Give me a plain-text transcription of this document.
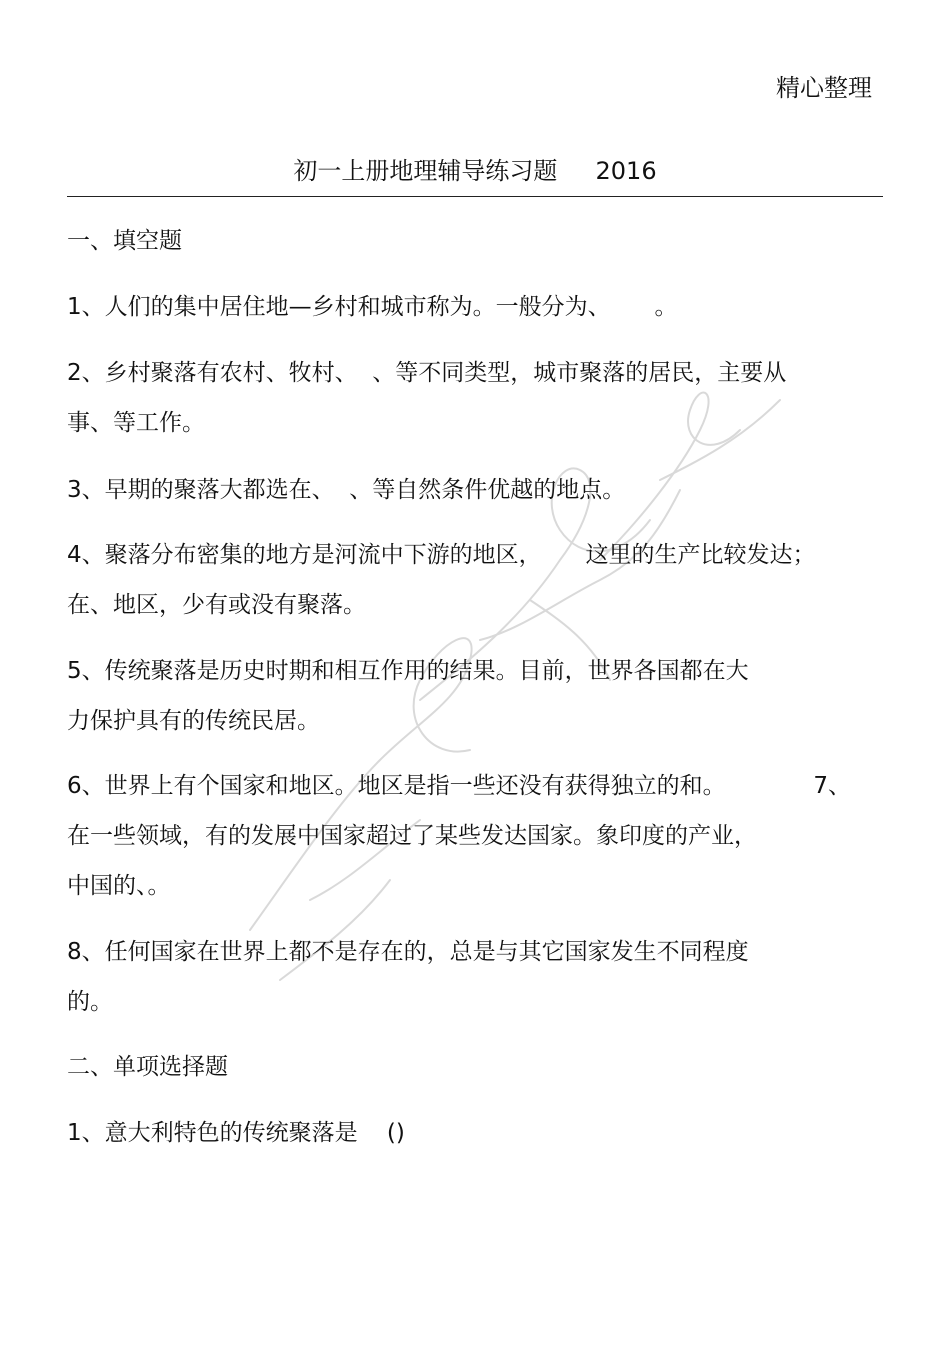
精心整理
初一上册地理辅导练习题     2016
一、填空题
1、人们的集中居住地—乡村和城市称为。一般分为、      。
2、乡村聚落有农村、牧村、  、等不同类型，城市聚落的居民，主要从
事、等工作。
3、早期的聚落大都选在、  、等自然条件优越的地点。
4、聚落分布密集的地方是河流中下游的地区，      这里的生产比较发达；
在、地区，少有或没有聚落。
5、传统聚落是历史时期和相互作用的结果。目前，世界各国都在大
力保护具有的传统民居。
6、世界上有个国家和地区。地区是指一些还没有获得独立的和。            7、
在一些领域，有的发展中国家超过了某些发达国家。象印度的产业，
中国的、。
8、任何国家在世界上都不是存在的，总是与其它国家发生不同程度
的。
二、单项选择题
1、意大利特色的传统聚落是    ()
